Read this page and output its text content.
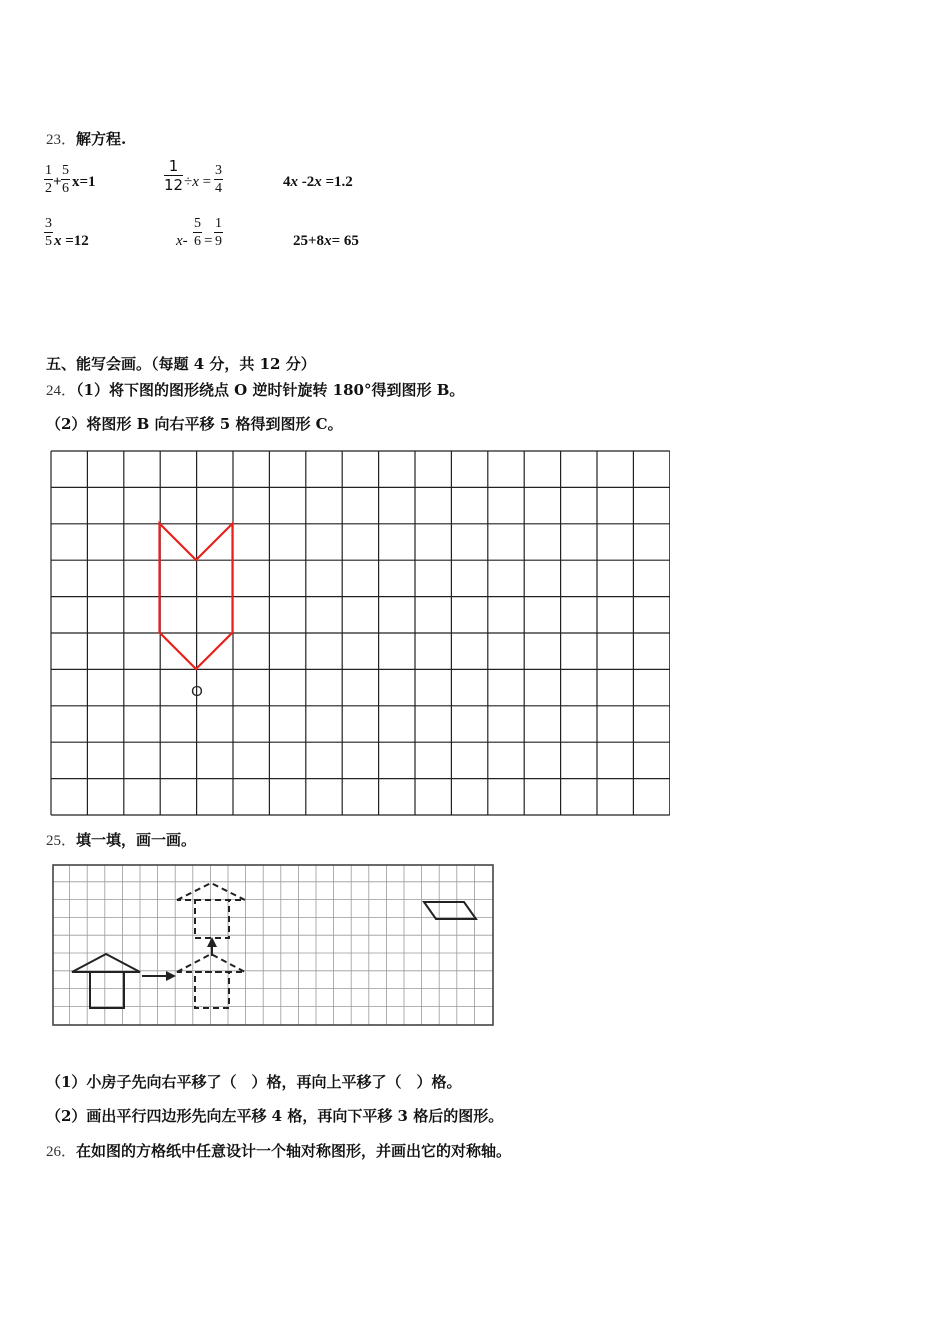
23．解方程.
1
2 +
5
6 x=1
1
12 ÷x =
3
4	4x -2x =1.2
3
5 x =12	x-
5
6 =
1
9	25+8x= 65
五、能写会画。（每题 4 分，共 12 分）
24．（1）将下图的图形绕点 O 逆时针旋转 180°得到图形 B。
（2）将图形 B 向右平移 5 格得到图形 C。
O
25．填一填，画一画。
（1）小房子先向右平移了（　）格，再向上平移了（　）格。
（2）画出平行四边形先向左平移 4 格，再向下平移 3 格后的图形。
26．在如图的方格纸中任意设计一个轴对称图形，并画出它的对称轴。
